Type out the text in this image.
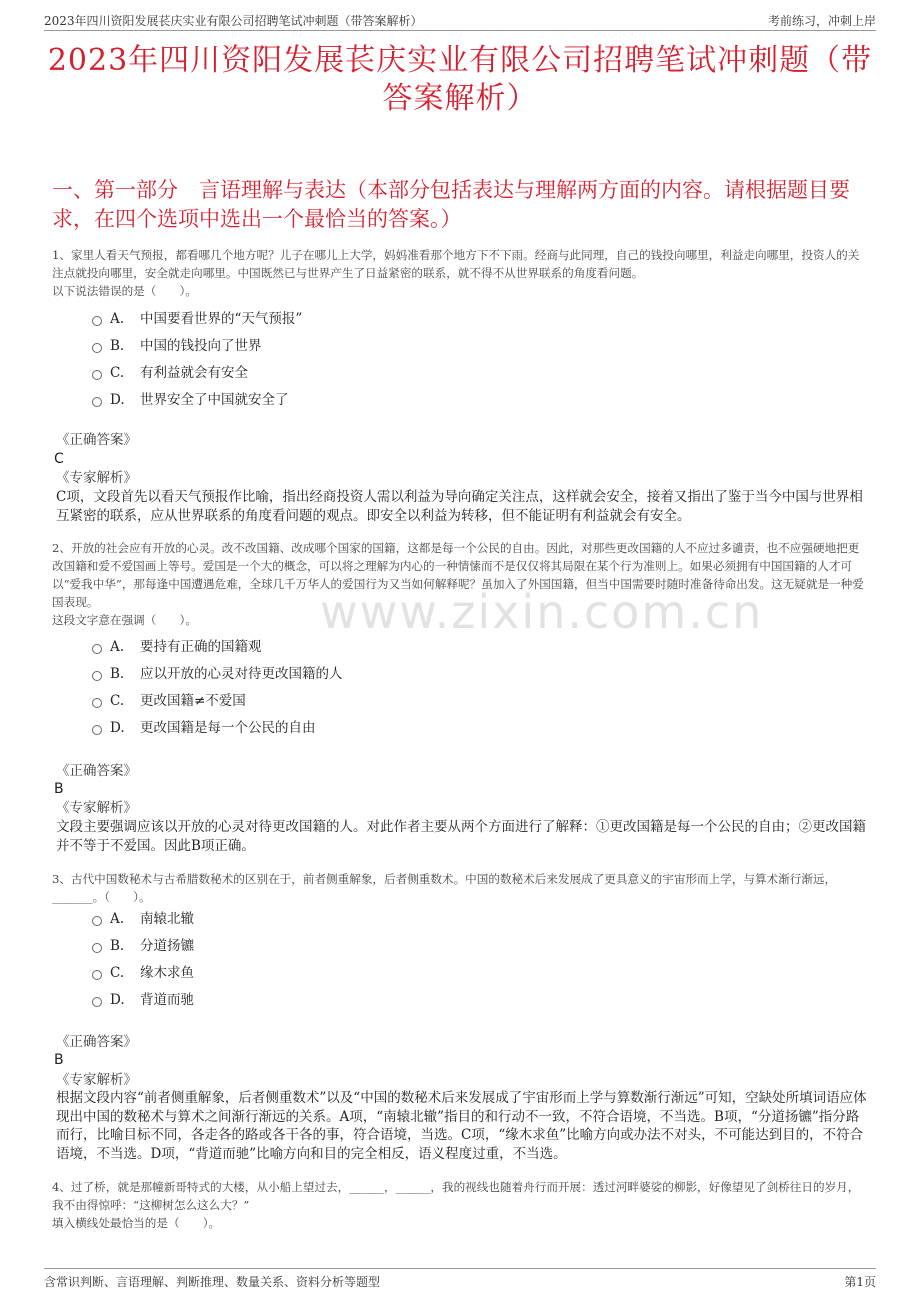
2023年四川资阳发展苌庆实业有限公司招聘笔试冲刺题（带答案解析）	考前练习，冲刺上岸
2023年四川资阳发展苌庆实业有限公司招聘笔试冲刺题（带答案解析）
一、第一部分　言语理解与表达（本部分包括表达与理解两方面的内容。请根据题目要求，在四个选项中选出一个最恰当的答案。）
www.zixin.com.cn
1、家里人看天气预报，都看哪几个地方呢？儿子在哪儿上大学，妈妈准看那个地方下不下雨。经商与此同理，自己的钱投向哪里，利益走向哪里，投资人的关注点就投向哪里，安全就走向哪里。中国既然已与世界产生了日益紧密的联系，就不得不从世界联系的角度看问题。
以下说法错误的是（　　）。
A. 中国要看世界的“天气预报”
B. 中国的钱投向了世界
C. 有利益就会有安全
D. 世界安全了中国就安全了
《正确答案》
C
《专家解析》
C项，文段首先以看天气预报作比喻，指出经商投资人需以利益为导向确定关注点，这样就会安全，接着又指出了鉴于当今中国与世界相互紧密的联系，应从世界联系的角度看问题的观点。即安全以利益为转移，但不能证明有利益就会有安全。
2、开放的社会应有开放的心灵。改不改国籍、改成哪个国家的国籍，这都是每一个公民的自由。因此，对那些更改国籍的人不应过多谴责，也不应强硬地把更改国籍和爱不爱国画上等号。爱国是一个大的概念，可以将之理解为内心的一种情愫而不是仅仅将其局限在某个行为准则上。如果必须拥有中国国籍的人才可以“爱我中华”，那每逢中国遭遇危难，全球几千万华人的爱国行为又当如何解释呢？虽加入了外国国籍，但当中国需要时随时准备待命出发。这无疑就是一种爱国表现。
这段文字意在强调（　　）。
A. 要持有正确的国籍观
B. 应以开放的心灵对待更改国籍的人
C. 更改国籍≠不爱国
D. 更改国籍是每一个公民的自由
《正确答案》
B
《专家解析》
文段主要强调应该以开放的心灵对待更改国籍的人。对此作者主要从两个方面进行了解释：①更改国籍是每一个公民的自由；②更改国籍并不等于不爱国。因此B项正确。
3、古代中国数秘术与古希腊数秘术的区别在于，前者侧重解象，后者侧重数术。中国的数秘术后来发展成了更具意义的宇宙形而上学，与算术渐行渐远，_______。（　　）。
A. 南辕北辙
B. 分道扬镳
C. 缘木求鱼
D. 背道而驰
《正确答案》
B
《专家解析》
根据文段内容“前者侧重解象，后者侧重数术”以及“中国的数秘术后来发展成了宇宙形而上学与算数渐行渐远”可知，空缺处所填词语应体现出中国的数秘术与算术之间渐行渐远的关系。A项，“南辕北辙”指目的和行动不一致，不符合语境，不当选。B项，“分道扬镳”指分路而行，比喻目标不同，各走各的路或各干各的事，符合语境，当选。C项，“缘木求鱼”比喻方向或办法不对头，不可能达到目的，不符合语境，不当选。D项，“背道而驰”比喻方向和目的完全相反，语义程度过重，不当选。
4、过了桥，就是那幢新哥特式的大楼，从小船上望过去，______，______，我的视线也随着舟行而开展：透过河畔婆娑的柳影，好像望见了剑桥往日的岁月，我不由得惊呼：“这柳树怎么这么大？”
填入横线处最恰当的是（　　）。
含常识判断、言语理解、判断推理、数量关系、资料分析等题型	第1页
